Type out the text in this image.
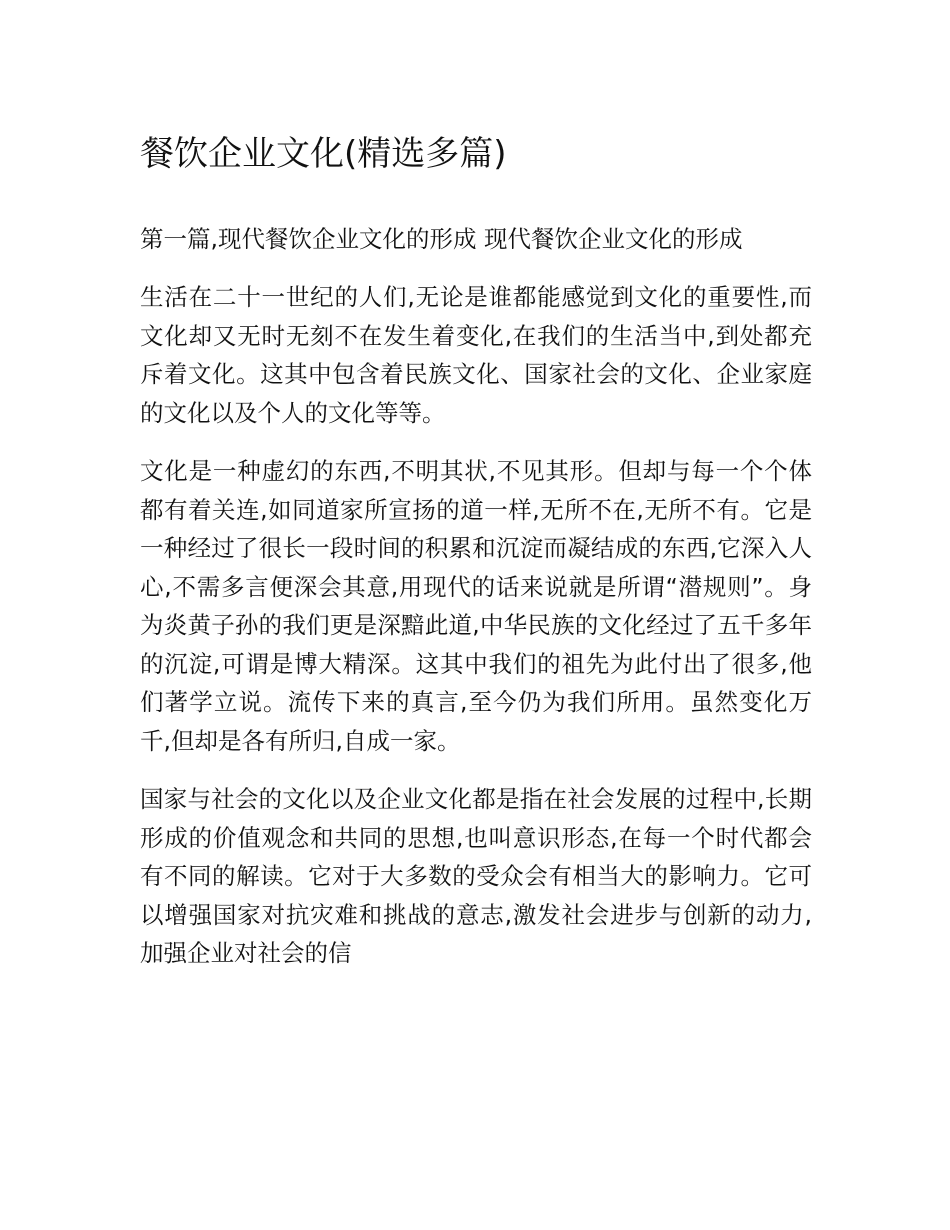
餐饮企业文化(精选多篇)
第一篇,现代餐饮企业文化的形成 现代餐饮企业文化的形成

生活在二十一世纪的人们,无论是谁都能感觉到文化的重要性,而文化却又无时无刻不在发生着变化,在我们的生活当中,到处都充斥着文化。这其中包含着民族文化、国家社会的文化、企业家庭的文化以及个人的文化等等。

文化是一种虚幻的东西,不明其状,不见其形。但却与每一个个体都有着关连,如同道家所宣扬的道一样,无所不在,无所不有。它是一种经过了很长一段时间的积累和沉淀而凝结成的东西,它深入人心,不需多言便深会其意,用现代的话来说就是所谓“潜规则”。身为炎黄子孙的我们更是深黯此道,中华民族的文化经过了五千多年的沉淀,可谓是博大精深。这其中我们的祖先为此付出了很多,他们著学立说。流传下来的真言,至今仍为我们所用。虽然变化万千,但却是各有所归,自成一家。

国家与社会的文化以及企业文化都是指在社会发展的过程中,长期形成的价值观念和共同的思想,也叫意识形态,在每一个时代都会有不同的解读。它对于大多数的受众会有相当大的影响力。它可以增强国家对抗灾难和挑战的意志,激发社会进步与创新的动力,加强企业对社会的信
